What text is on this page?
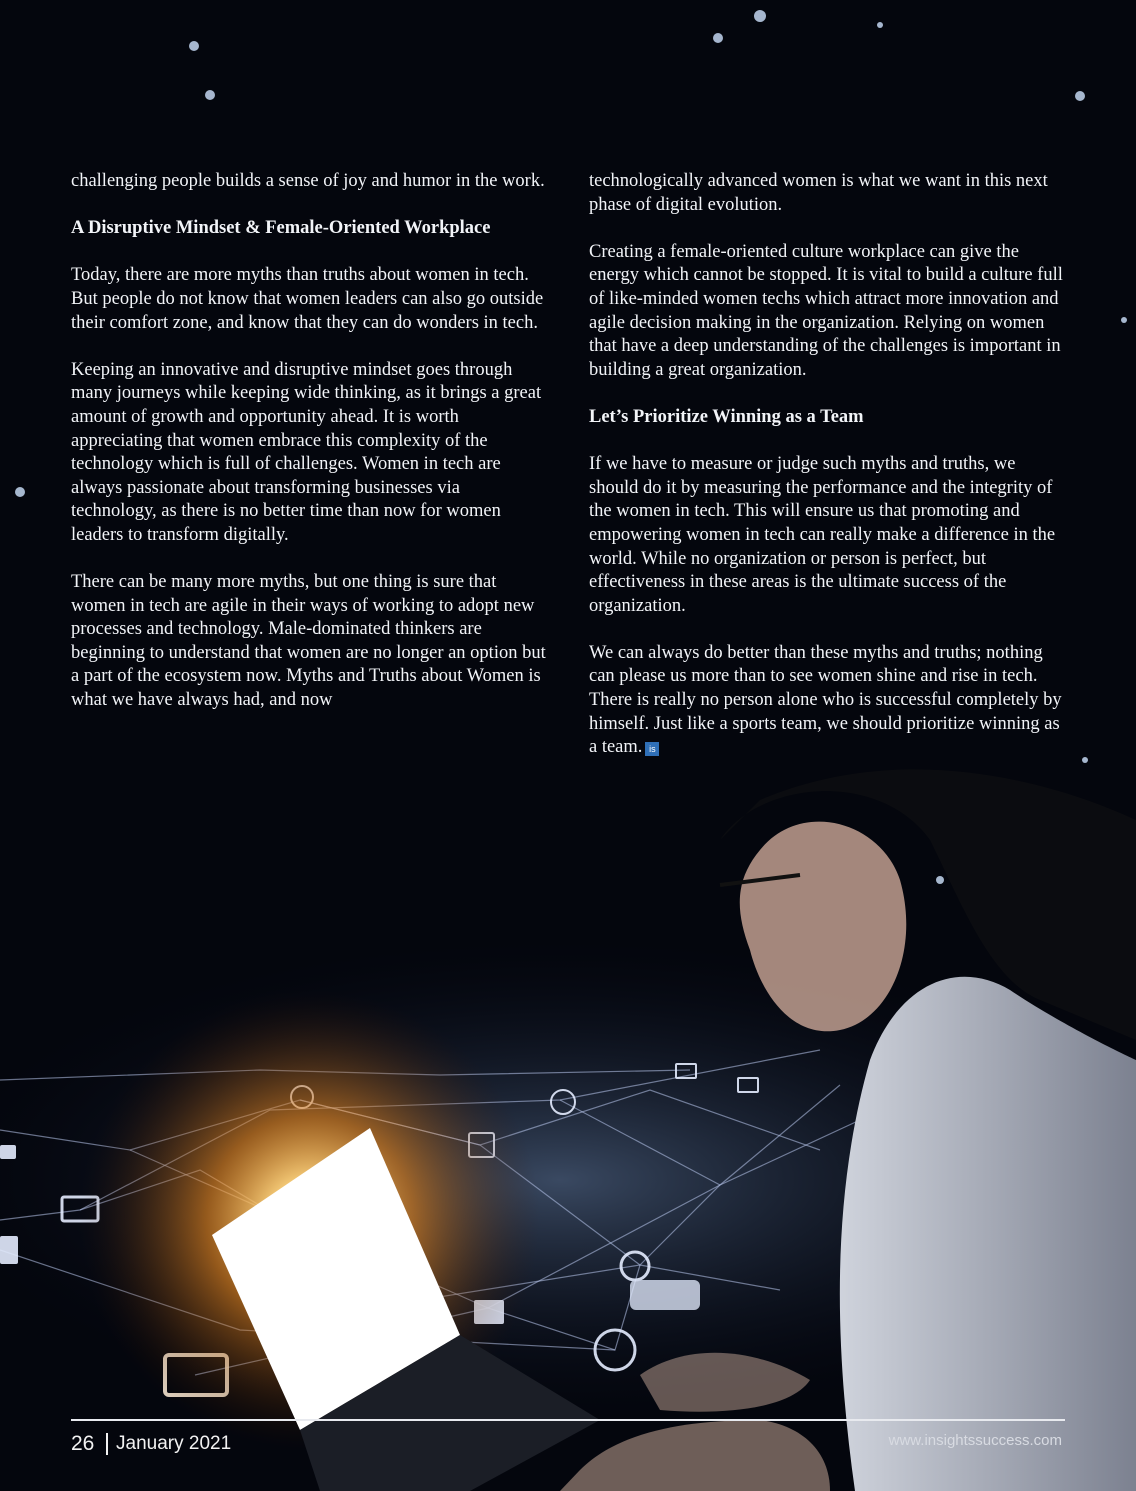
challenging people builds a sense of joy and humor in the work.

A Disruptive Mindset & Female-Oriented Workplace

Today, there are more myths than truths about women in tech. But people do not know that women leaders can also go outside their comfort zone, and know that they can do wonders in tech.

Keeping an innovative and disruptive mindset goes through many journeys while keeping wide thinking, as it brings a great amount of growth and opportunity ahead. It is worth appreciating that women embrace this complexity of the technology which is full of challenges. Women in tech are always passionate about transforming businesses via technology, as there is no better time than now for women leaders to transform digitally.

There can be many more myths, but one thing is sure that women in tech are agile in their ways of working to adopt new processes and technology. Male-dominated thinkers are beginning to understand that women are no longer an option but a part of the ecosystem now. Myths and Truths about Women is what we have always had, and now

technologically advanced women is what we want in this next phase of digital evolution.

Creating a female-oriented culture workplace can give the energy which cannot be stopped. It is vital to build a culture full of like-minded women techs which attract more innovation and agile decision making in the organization. Relying on women that have a deep understanding of the challenges is important in building a great organization.

Let’s Prioritize Winning as a Team

If we have to measure or judge such myths and truths, we should do it by measuring the performance and the integrity of the women in tech. This will ensure us that promoting and empowering women in tech can really make a difference in the world. While no organization or person is perfect, but effectiveness in these areas is the ultimate success of the organization.

We can always do better than these myths and truths; nothing can please us more than to see women shine and rise in tech. There is really no person alone who is successful completely by himself. Just like a sports team, we should prioritize winning as a team. is

26 January 2021	www.insightssuccess.com
